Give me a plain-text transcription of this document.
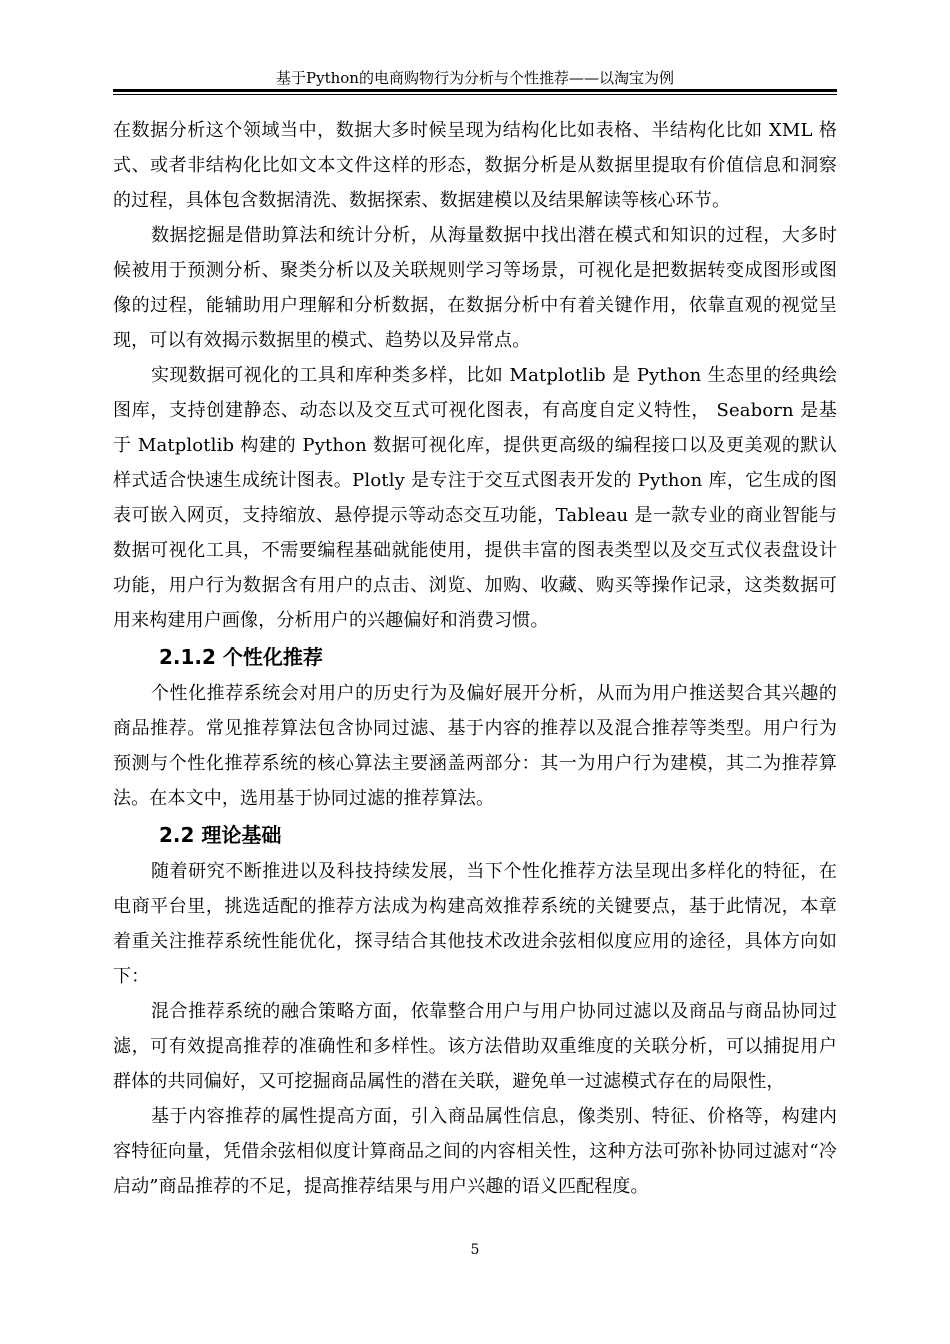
基于Python的电商购物行为分析与个性推荐——以淘宝为例

在数据分析这个领域当中，数据大多时候呈现为结构化比如表格、半结构化比如 XML 格式、或者非结构化比如文本文件这样的形态，数据分析是从数据里提取有价值信息和洞察的过程，具体包含数据清洗、数据探索、数据建模以及结果解读等核心环节。

数据挖掘是借助算法和统计分析，从海量数据中找出潜在模式和知识的过程，大多时候被用于预测分析、聚类分析以及关联规则学习等场景，可视化是把数据转变成图形或图像的过程，能辅助用户理解和分析数据，在数据分析中有着关键作用，依靠直观的视觉呈现，可以有效揭示数据里的模式、趋势以及异常点。

实现数据可视化的工具和库种类多样，比如 Matplotlib 是 Python 生态里的经典绘图库，支持创建静态、动态以及交互式可视化图表，有高度自定义特性， Seaborn 是基于 Matplotlib 构建的 Python 数据可视化库，提供更高级的编程接口以及更美观的默认样式适合快速生成统计图表。Plotly 是专注于交互式图表开发的 Python 库，它生成的图表可嵌入网页，支持缩放、悬停提示等动态交互功能，Tableau 是一款专业的商业智能与数据可视化工具，不需要编程基础就能使用，提供丰富的图表类型以及交互式仪表盘设计功能，用户行为数据含有用户的点击、浏览、加购、收藏、购买等操作记录，这类数据可用来构建用户画像，分析用户的兴趣偏好和消费习惯。

2.1.2 个性化推荐

个性化推荐系统会对用户的历史行为及偏好展开分析，从而为用户推送契合其兴趣的商品推荐。常见推荐算法包含协同过滤、基于内容的推荐以及混合推荐等类型。用户行为预测与个性化推荐系统的核心算法主要涵盖两部分：其一为用户行为建模，其二为推荐算法。在本文中，选用基于协同过滤的推荐算法。

2.2 理论基础

随着研究不断推进以及科技持续发展，当下个性化推荐方法呈现出多样化的特征，在电商平台里，挑选适配的推荐方法成为构建高效推荐系统的关键要点，基于此情况，本章着重关注推荐系统性能优化，探寻结合其他技术改进余弦相似度应用的途径，具体方向如下：

混合推荐系统的融合策略方面，依靠整合用户与用户协同过滤以及商品与商品协同过滤，可有效提高推荐的准确性和多样性。该方法借助双重维度的关联分析，可以捕捉用户群体的共同偏好，又可挖掘商品属性的潜在关联，避免单一过滤模式存在的局限性，

基于内容推荐的属性提高方面，引入商品属性信息，像类别、特征、价格等，构建内容特征向量，凭借余弦相似度计算商品之间的内容相关性，这种方法可弥补协同过滤对“冷启动”商品推荐的不足，提高推荐结果与用户兴趣的语义匹配程度。

5
